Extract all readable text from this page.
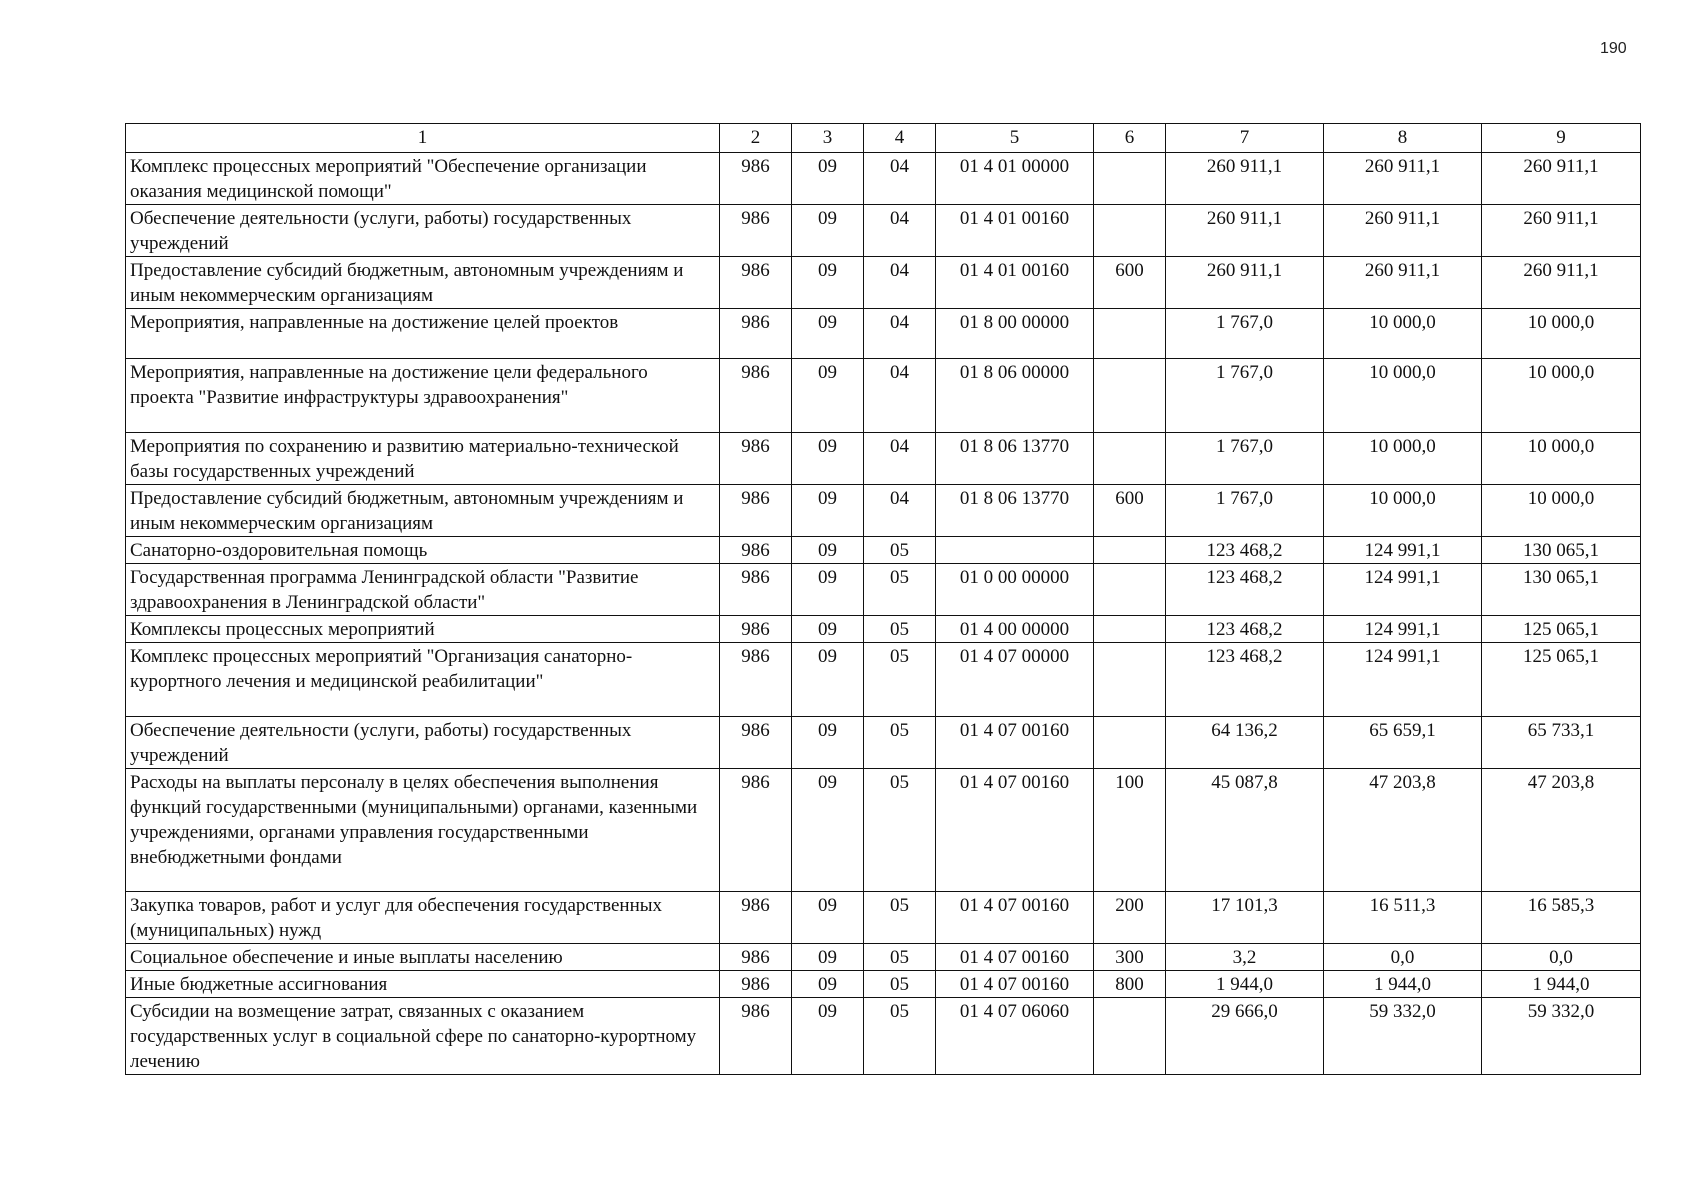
190
1	2	3	4	5	6	7	8	9
Комплекс процессных мероприятий "Обеспечение организации оказания медицинской помощи"	986	09	04	01 4 01 00000		260 911,1	260 911,1	260 911,1
Обеспечение деятельности (услуги, работы) государственных учреждений	986	09	04	01 4 01 00160		260 911,1	260 911,1	260 911,1
Предоставление субсидий бюджетным, автономным учреждениям и иным некоммерческим организациям	986	09	04	01 4 01 00160	600	260 911,1	260 911,1	260 911,1
Мероприятия, направленные на достижение целей проектов	986	09	04	01 8 00 00000		1 767,0	10 000,0	10 000,0
Мероприятия, направленные на достижение цели федерального проекта "Развитие инфраструктуры здравоохранения"	986	09	04	01 8 06 00000		1 767,0	10 000,0	10 000,0
Мероприятия по сохранению и развитию материально-технической базы государственных учреждений	986	09	04	01 8 06 13770		1 767,0	10 000,0	10 000,0
Предоставление субсидий бюджетным, автономным учреждениям и иным некоммерческим организациям	986	09	04	01 8 06 13770	600	1 767,0	10 000,0	10 000,0
Санаторно-оздоровительная помощь	986	09	05			123 468,2	124 991,1	130 065,1
Государственная программа Ленинградской области "Развитие здравоохранения в Ленинградской области"	986	09	05	01 0 00 00000		123 468,2	124 991,1	130 065,1
Комплексы процессных мероприятий	986	09	05	01 4 00 00000		123 468,2	124 991,1	125 065,1
Комплекс процессных мероприятий "Организация санаторно-курортного лечения и медицинской реабилитации"	986	09	05	01 4 07 00000		123 468,2	124 991,1	125 065,1
Обеспечение деятельности (услуги, работы) государственных учреждений	986	09	05	01 4 07 00160		64 136,2	65 659,1	65 733,1
Расходы на выплаты персоналу в целях обеспечения выполнения функций государственными (муниципальными) органами, казенными учреждениями, органами управления государственными внебюджетными фондами	986	09	05	01 4 07 00160	100	45 087,8	47 203,8	47 203,8
Закупка товаров, работ и услуг для обеспечения государственных (муниципальных) нужд	986	09	05	01 4 07 00160	200	17 101,3	16 511,3	16 585,3
Социальное обеспечение и иные выплаты населению	986	09	05	01 4 07 00160	300	3,2	0,0	0,0
Иные бюджетные ассигнования	986	09	05	01 4 07 00160	800	1 944,0	1 944,0	1 944,0
Субсидии на возмещение затрат, связанных с оказанием государственных услуг в социальной сфере по санаторно-курортному лечению	986	09	05	01 4 07 06060		29 666,0	59 332,0	59 332,0
